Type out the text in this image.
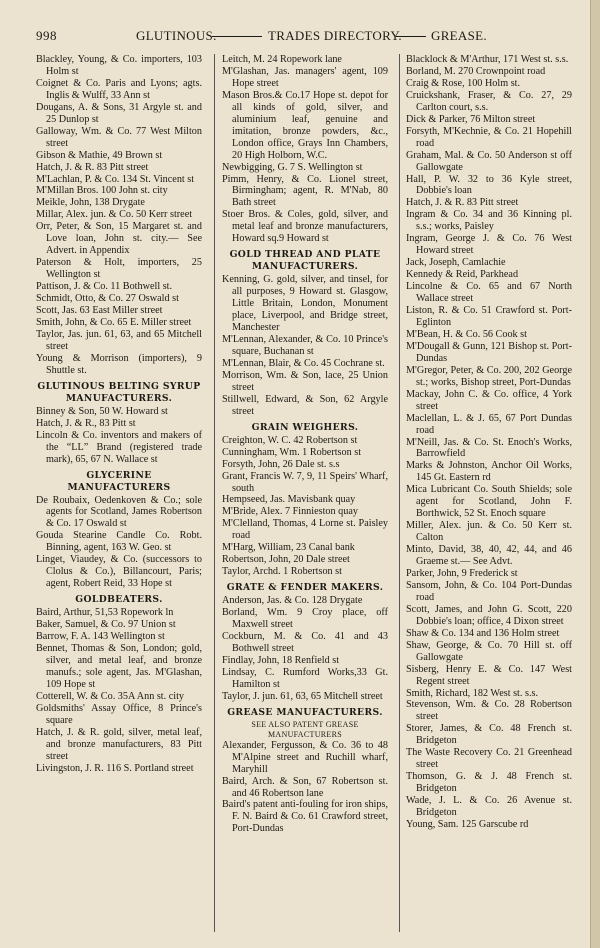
998	GLUTINOUS.	TRADES DIRECTORY. GREASE.
Blackley, Young, & Co. importers, 103 Holm st
Coignet & Co. Paris and Lyons; agts. Inglis & Wulff, 33 Ann st
Dougans, A. & Sons, 31 Argyle st. and 25 Dunlop st
Galloway, Wm. & Co. 77 West Milton street
Gibson & Mathie, 49 Brown st
Hatch, J. & R. 83 Pitt street
M'Lachlan, P. & Co. 134 St. Vincent st
M'Millan Bros. 100 John st. city
Meikle, John, 138 Drygate
Millar, Alex. jun. & Co. 50 Kerr street
Orr, Peter, & Son, 15 Margaret st. and Love loan, John st. city.— See Advert. in Appendix
Paterson & Holt, importers, 25 Wellington st
Pattison, J. & Co. 11 Bothwell st.
Schmidt, Otto, & Co. 27 Oswald st
Scott, Jas. 63 East Miller street
Smith, John, & Co. 65 E. Miller street
Taylor, Jas. jun. 61, 63, and 65 Mitchell street
Young & Morrison (importers), 9 Shuttle st.
GLUTINOUS BELTING SYRUP MANUFACTURERS.
Binney & Son, 50 W. Howard st
Hatch, J. & R., 83 Pitt st
Lincoln & Co. inventors and makers of the “LL” Brand (registered trade mark), 65, 67 N. Wallace st
GLYCERINE MANUFACTURERS
De Roubaix, Oedenkoven & Co.; sole agents for Scotland, James Robertson & Co. 17 Oswald st
Gouda Stearine Candle Co. Robt. Binning, agent, 163 W. Geo. st
Linget, Viaudey, & Co. (successors to Clolus & Co.), Billancourt, Paris; agent, Robert Reid, 33 Hope st
GOLDBEATERS.
Baird, Arthur, 51,53 Ropework ln
Baker, Samuel, & Co. 97 Union st
Barrow, F. A. 143 Wellington st
Bennet, Thomas & Son, London; gold, silver, and metal leaf, and bronze manufs.; sole agent, Jas. M'Glashan, 109 Hope st
Cotterell, W. & Co. 35A Ann st. city
Goldsmiths' Assay Office, 8 Prince's square
Hatch, J. & R. gold, silver, metal leaf, and bronze manufacturers, 83 Pitt street
Livingston, J. R. 116 S. Portland street
Leitch, M. 24 Ropework lane
M'Glashan, Jas. managers' agent, 109 Hope street
Mason Bros.& Co.17 Hope st. depot for all kinds of gold, silver, and aluminium leaf, genuine and imitation, bronze powders, &c., London office, Grays Inn Chambers, 20 High Holborn, W.C.
Newbigging, G. 7 S. Wellington st
Pimm, Henry, & Co. Lionel street, Birmingham; agent, R. M'Nab, 80 Bath street
Stoer Bros. & Coles, gold, silver, and metal leaf and bronze manufacturers, Howard sq.9 Howard st
GOLD THREAD AND PLATE MANUFACTURERS.
Kenning, G. gold, silver, and tinsel, for all purposes, 9 Howard st. Glasgow, Little Britain, London, Monument place, Liverpool, and Bridge street, Manchester
M'Lennan, Alexander, & Co. 10 Prince's square, Buchanan st
M'Lennan, Blair, & Co. 45 Cochrane st.
Morrison, Wm. & Son, lace, 25 Union street
Stillwell, Edward, & Son, 62 Argyle street
GRAIN WEIGHERS.
Creighton, W. C. 42 Robertson st
Cunningham, Wm. 1 Robertson st
Forsyth, John, 26 Dale st. s.s
Grant, Francis W. 7, 9, 11 Speirs' Wharf, south
Hempseed, Jas. Mavisbank quay
M'Bride, Alex. 7 Finnieston quay
M'Clelland, Thomas, 4 Lorne st. Paisley road
M'Harg, William, 23 Canal bank
Robertson, John, 20 Dale street
Taylor, Archd. 1 Robertson st
GRATE & FENDER MAKERS.
Anderson, Jas. & Co. 128 Drygate
Borland, Wm. 9 Croy place, off Maxwell street
Cockburn, M. & Co. 41 and 43 Bothwell street
Findlay, John, 18 Renfield st
Lindsay, C. Rumford Works,33 Gt. Hamilton st
Taylor, J. jun. 61, 63, 65 Mitchell street
GREASE MANUFACTURERS.
SEE ALSO PATENT GREASE MANUFACTURERS
Alexander, Fergusson, & Co. 36 to 48 M'Alpine street and Ruchill wharf, Maryhill
Baird, Arch. & Son, 67 Robertson st. and 46 Robertson lane
Baird's patent anti-fouling for iron ships, F. N. Baird & Co. 61 Crawford street, Port-Dundas
Blacklock & M'Arthur, 171 West st. s.s.
Borland, M. 270 Crownpoint road
Craig & Rose, 100 Holm st.
Cruickshank, Fraser, & Co. 27, 29 Carlton court, s.s.
Dick & Parker, 76 Milton street
Forsyth, M'Kechnie, & Co. 21 Hopehill road
Graham, Mal. & Co. 50 Anderson st off Gallowgate
Hall, P. W. 32 to 36 Kyle street, Dobbie's loan
Hatch, J. & R. 83 Pitt street
Ingram & Co. 34 and 36 Kinning pl. s.s.; works, Paisley
Ingram, George J. & Co. 76 West Howard street
Jack, Joseph, Camlachie
Kennedy & Reid, Parkhead
Lincolne & Co. 65 and 67 North Wallace street
Liston, R. & Co. 51 Crawford st. Port-Eglinton
M'Bean, H. & Co. 56 Cook st
M'Dougall & Gunn, 121 Bishop st. Port-Dundas
M'Gregor, Peter, & Co. 200, 202 George st.; works, Bishop street, Port-Dundas
Mackay, John C. & Co. office, 4 York street
Maclellan, L. & J. 65, 67 Port Dundas road
M'Neill, Jas. & Co. St. Enoch's Works, Barrowfield
Marks & Johnston, Anchor Oil Works, 145 Gt. Eastern rd
Mica Lubricant Co. South Shields; sole agent for Scotland, John F. Borthwick, 52 St. Enoch square
Miller, Alex. jun. & Co. 50 Kerr st. Calton
Minto, David, 38, 40, 42, 44, and 46 Graeme st.— See Advt.
Parker, John, 9 Frederick st
Sansom, John, & Co. 104 Port-Dundas road
Scott, James, and John G. Scott, 220 Dobbie's loan; office, 4 Dixon street
Shaw & Co. 134 and 136 Holm street
Shaw, George, & Co. 70 Hill st. off Gallowgate
Sisberg, Henry E. & Co. 147 West Regent street
Smith, Richard, 182 West st. s.s.
Stevenson, Wm. & Co. 28 Robertson street
Storer, James, & Co. 48 French st. Bridgeton
The Waste Recovery Co. 21 Greenhead street
Thomson, G. & J. 48 French st. Bridgeton
Wade, J. L. & Co. 26 Avenue st. Bridgeton
Young, Sam. 125 Garscube rd
